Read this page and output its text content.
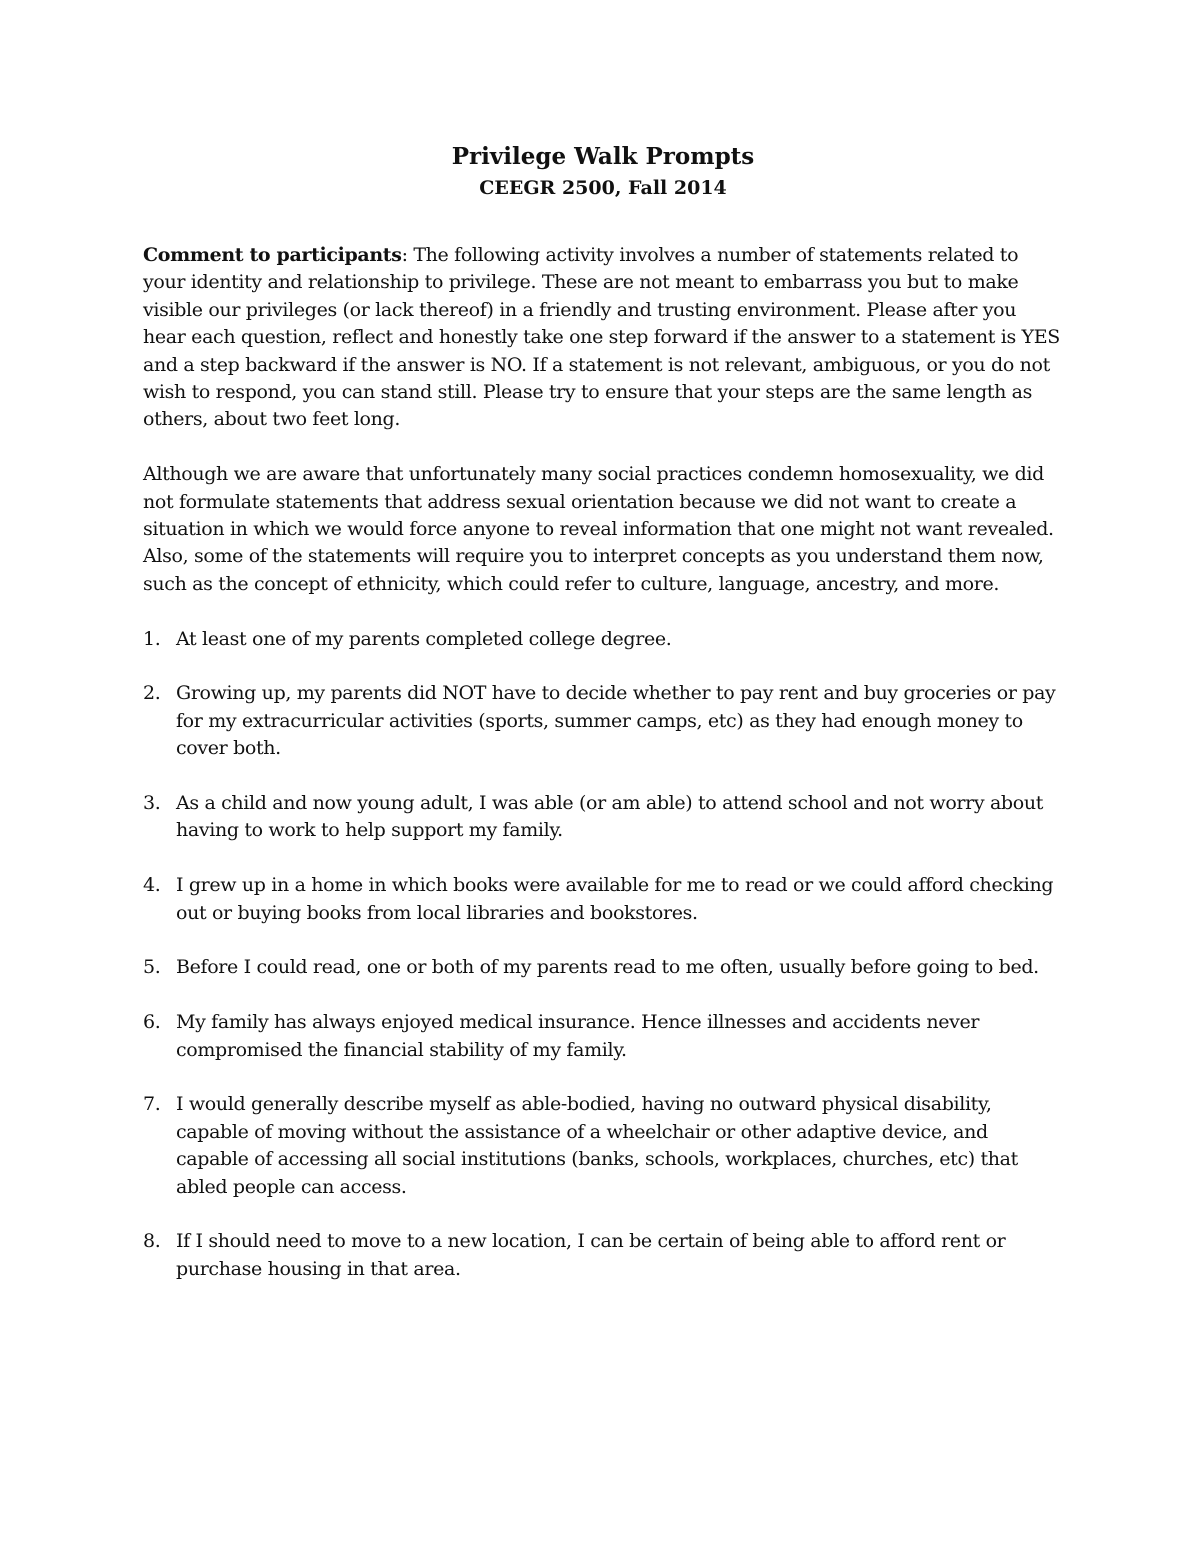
Privilege Walk Prompts
CEEGR 2500, Fall 2014

Comment to participants: The following activity involves a number of statements related to your identity and relationship to privilege. These are not meant to embarrass you but to make visible our privileges (or lack thereof) in a friendly and trusting environment. Please after you hear each question, reflect and honestly take one step forward if the answer to a statement is YES and a step backward if the answer is NO. If a statement is not relevant, ambiguous, or you do not wish to respond, you can stand still. Please try to ensure that your steps are the same length as others, about two feet long.

Although we are aware that unfortunately many social practices condemn homosexuality, we did not formulate statements that address sexual orientation because we did not want to create a situation in which we would force anyone to reveal information that one might not want revealed. Also, some of the statements will require you to interpret concepts as you understand them now, such as the concept of ethnicity, which could refer to culture, language, ancestry, and more.

1. At least one of my parents completed college degree.
2. Growing up, my parents did NOT have to decide whether to pay rent and buy groceries or pay for my extracurricular activities (sports, summer camps, etc) as they had enough money to cover both.
3. As a child and now young adult, I was able (or am able) to attend school and not worry about having to work to help support my family.
4. I grew up in a home in which books were available for me to read or we could afford checking out or buying books from local libraries and bookstores.
5. Before I could read, one or both of my parents read to me often, usually before going to bed.
6. My family has always enjoyed medical insurance. Hence illnesses and accidents never compromised the financial stability of my family.
7. I would generally describe myself as able-bodied, having no outward physical disability, capable of moving without the assistance of a wheelchair or other adaptive device, and capable of accessing all social institutions (banks, schools, workplaces, churches, etc) that abled people can access.
8. If I should need to move to a new location, I can be certain of being able to afford rent or purchase housing in that area.
